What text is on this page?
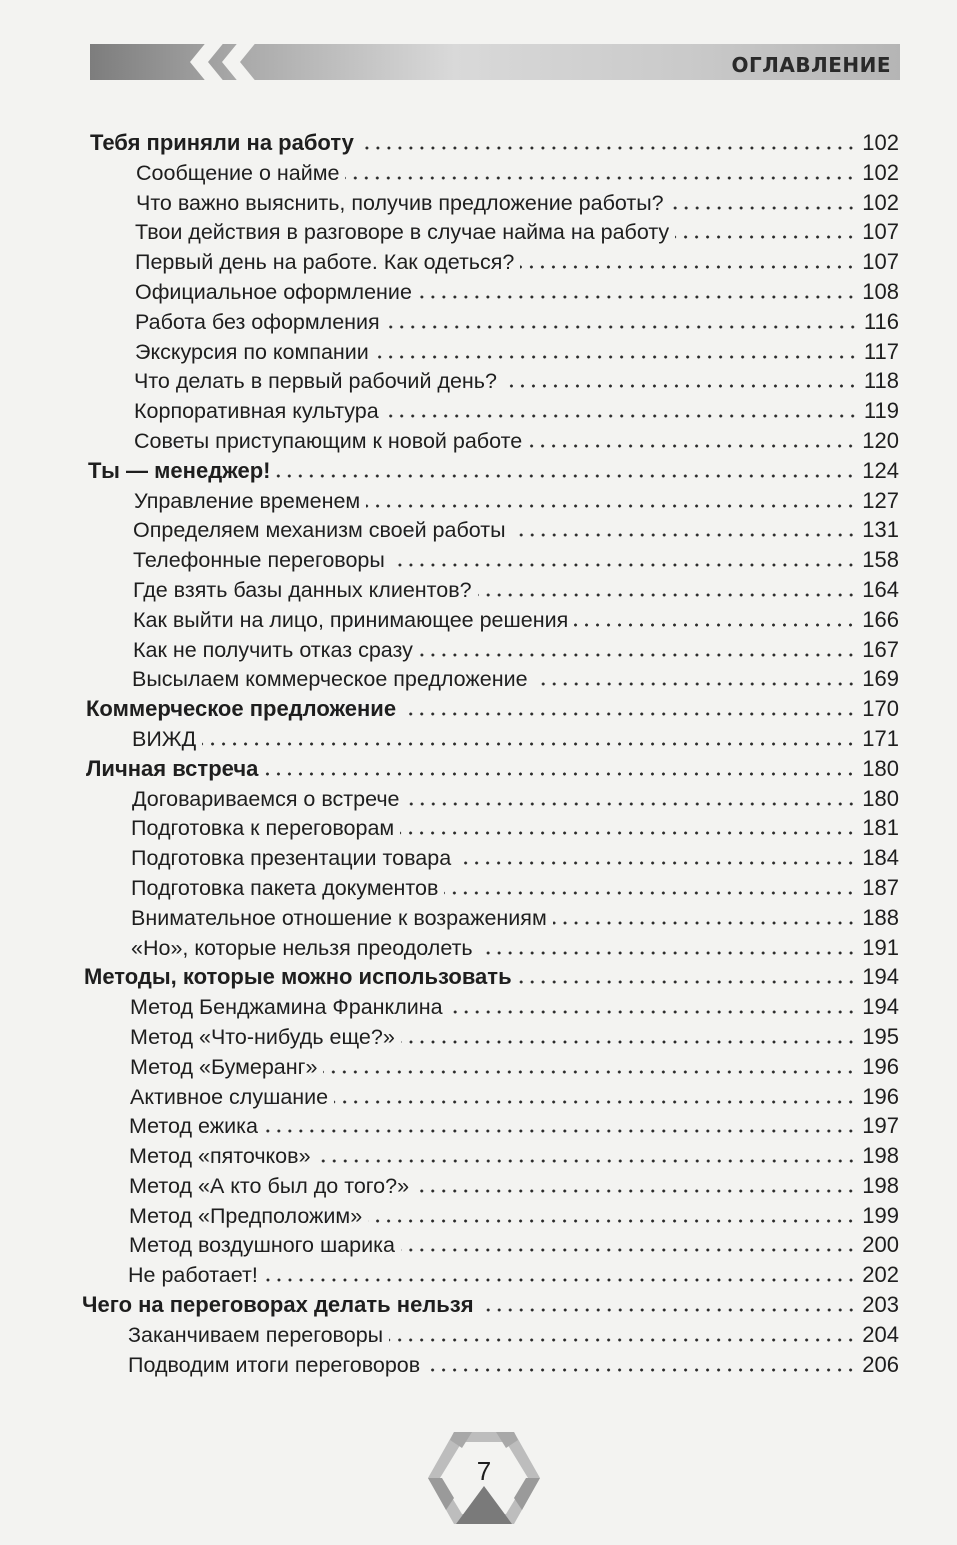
ОГЛАВЛЕНИЕ
Тебя приняли на работу	102
Сообщение о найме	102
Что важно выяснить, получив предложение работы?	102
Твои действия в разговоре в случае найма на работу	107
Первый день на работе. Как одеться?	107
Официальное оформление	108
Работа без оформления	116
Экскурсия по компании	117
Что делать в первый рабочий день?	118
Корпоративная культура	119
Советы приступающим к новой работе	120
Ты — менеджер!	124
Управление временем	127
Определяем механизм своей работы	131
Телефонные переговоры	158
Где взять базы данных клиентов?	164
Как выйти на лицо, принимающее решения	166
Как не получить отказ сразу	167
Высылаем коммерческое предложение	169
Коммерческое предложение	170
ВИЖД	171
Личная встреча	180
Договариваемся о встрече	180
Подготовка к переговорам	181
Подготовка презентации товара	184
Подготовка пакета документов	187
Внимательное отношение к возражениям	188
«Но», которые нельзя преодолеть	191
Методы, которые можно использовать	194
Метод Бенджамина Франклина	194
Метод «Что-нибудь еще?»	195
Метод «Бумеранг»	196
Активное слушание	196
Метод ежика	197
Метод «пяточков»	198
Метод «А кто был до того?»	198
Метод «Предположим»	199
Метод воздушного шарика	200
Не работает!	202
Чего на переговорах делать нельзя	203
Заканчиваем переговоры	204
Подводим итоги переговоров	206
7
